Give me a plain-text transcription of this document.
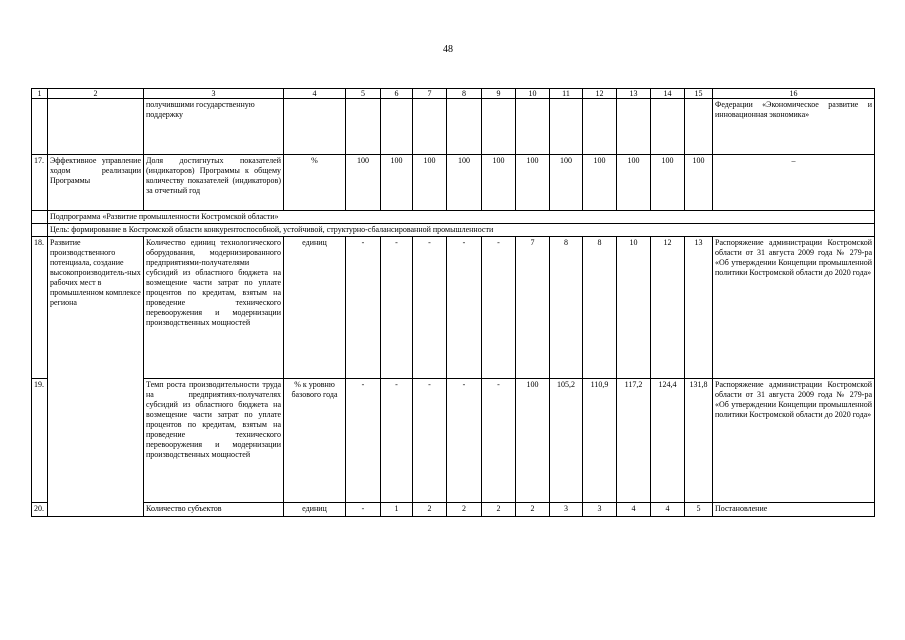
48
1	2	3	4	5	6	7	8	9	10	11	12	13	14	15	16
		получившими государственную поддержку													Федерации «Экономическое развитие и инновационная экономика»
17.	Эффективное управление ходом реализации Программы	Доля достигнутых показателей (индикаторов) Программы к общему количеству показателей (индикаторов) за отчетный год	%	100	100	100	100	100	100	100	100	100	100	100	–
	Подпрограмма «Развитие промышленности Костромской области»														
	Цель: формирование в Костромской области конкурентоспособной, устойчивой, структурно-сбалансированной промышленности														
18.	Развитие производственного потенциала, создание высокопроизводитель-ных рабочих мест в промышленном комплексе региона	Количество единиц технологического оборудования, модернизированного предприятиями-получателями субсидий из областного бюджета на возмещение части затрат по уплате процентов по кредитам, взятым на проведение технического перевооружения и модернизации производственных мощностей	единиц	-	-	-	-	-	7	8	8	10	12	13	Распоряжение администрации Костромской области от 31 августа 2009 года № 279-ра «Об утверждении Концепции промышленной политики Костромской области до 2020 года»
19.		Темп роста производительности труда на предприятиях-получателях субсидий из областного бюджета на возмещение части затрат по уплате процентов по кредитам, взятым на проведение технического перевооружения и модернизации производственных мощностей	% к уровню базового года	-	-	-	-	-	100	105,2	110,9	117,2	124,4	131,8	Распоряжение администрации Костромской области от 31 августа 2009 года № 279-ра «Об утверждении Концепции промышленной политики Костромской области до 2020 года»
20.		Количество субъектов	единиц	-	1	2	2	2	2	3	3	4	4	5	Постановление
